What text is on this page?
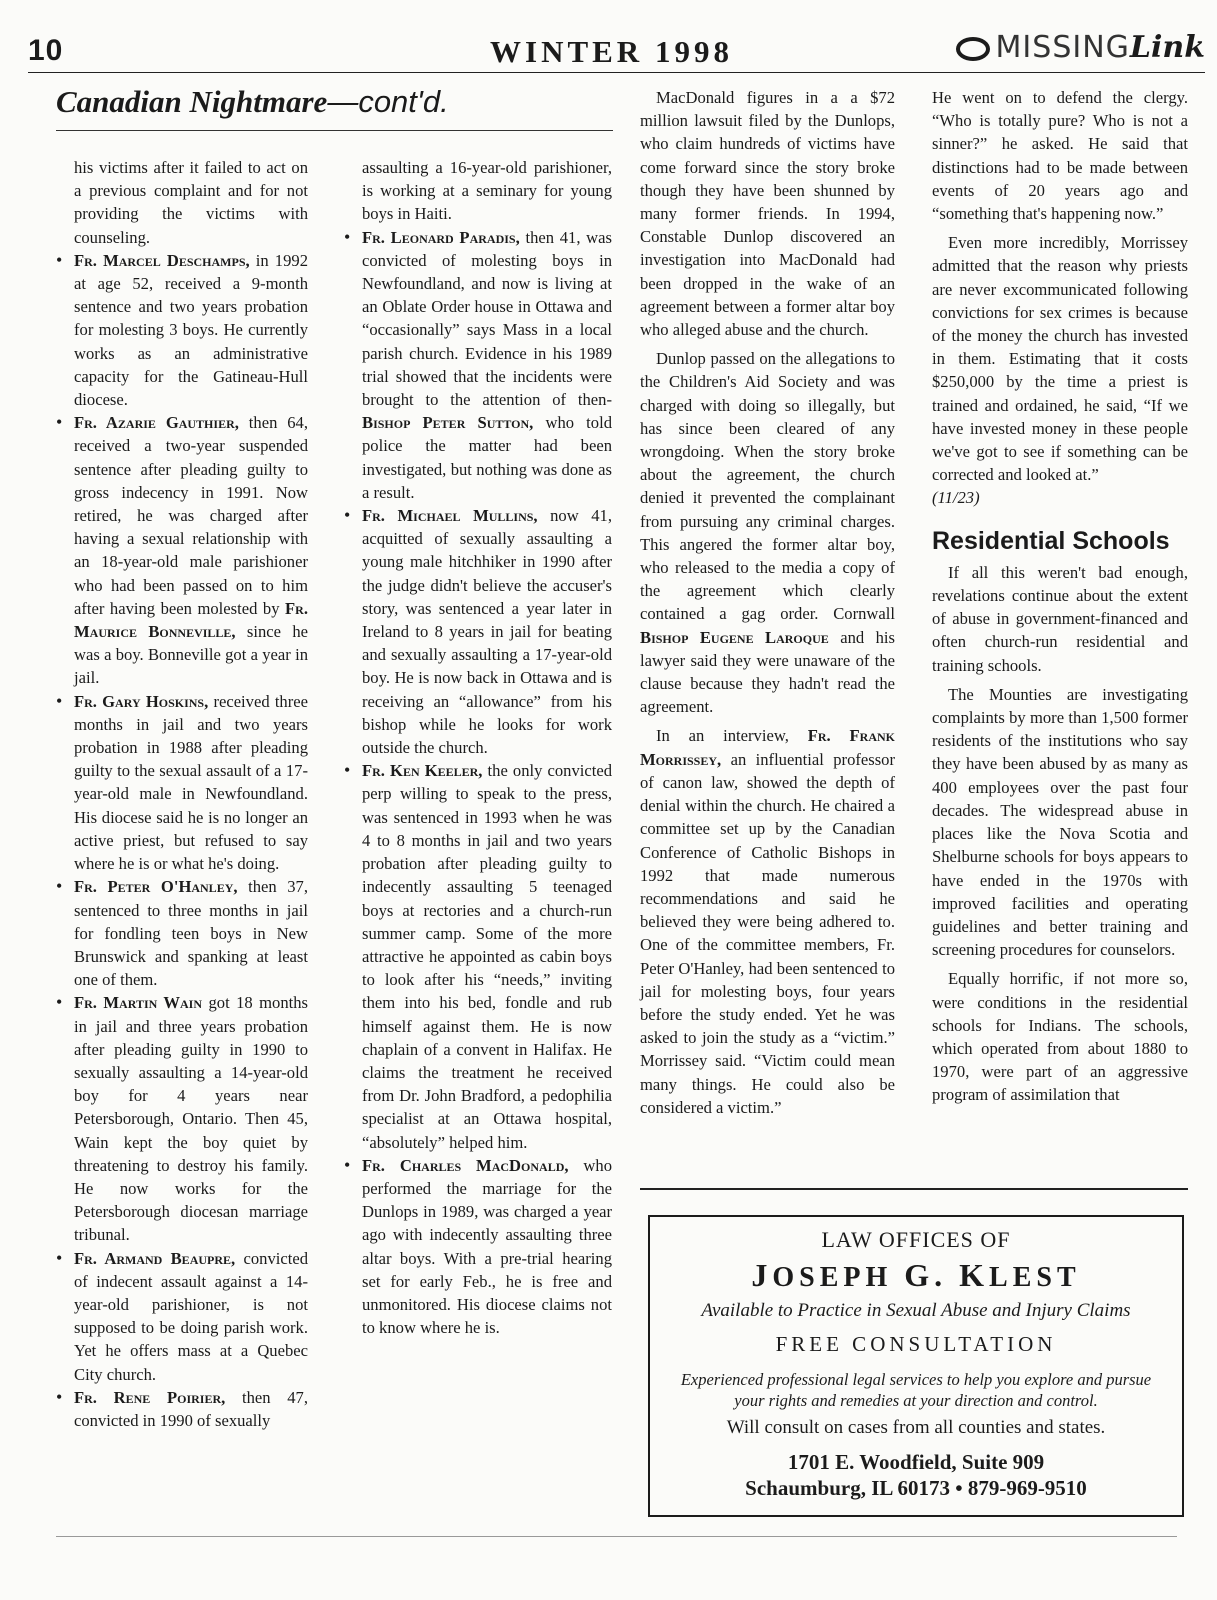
10	WINTER 1998	MISSINGLink
Canadian Nightmare—cont'd.

his victims after it failed to act on a previous complaint and for not providing the victims with counseling.

• Fr. Marcel Deschamps, in 1992 at age 52, received a 9-month sentence and two years probation for molesting 3 boys. He currently works as an administrative capacity for the Gatineau-Hull diocese.

• Fr. Azarie Gauthier, then 64, received a two-year suspended sentence after pleading guilty to gross indecency in 1991. Now retired, he was charged after having a sexual relationship with an 18-year-old male parishioner who had been passed on to him after having been molested by Fr. Maurice Bonneville, since he was a boy. Bonneville got a year in jail.

• Fr. Gary Hoskins, received three months in jail and two years probation in 1988 after pleading guilty to the sexual assault of a 17-year-old male in Newfoundland. His diocese said he is no longer an active priest, but refused to say where he is or what he's doing.

• Fr. Peter O'Hanley, then 37, sentenced to three months in jail for fondling teen boys in New Brunswick and spanking at least one of them.

• Fr. Martin Wain got 18 months in jail and three years probation after pleading guilty in 1990 to sexually assaulting a 14-year-old boy for 4 years near Petersborough, Ontario. Then 45, Wain kept the boy quiet by threatening to destroy his family. He now works for the Petersborough diocesan marriage tribunal.

• Fr. Armand Beaupre, convicted of indecent assault against a 14-year-old parishioner, is not supposed to be doing parish work. Yet he offers mass at a Quebec City church.

• Fr. Rene Poirier, then 47, convicted in 1990 of sexually

assaulting a 16-year-old parishioner, is working at a seminary for young boys in Haiti.

• Fr. Leonard Paradis, then 41, was convicted of molesting boys in Newfoundland, and now is living at an Oblate Order house in Ottawa and “occasionally” says Mass in a local parish church. Evidence in his 1989 trial showed that the incidents were brought to the attention of then-Bishop Peter Sutton, who told police the matter had been investigated, but nothing was done as a result.

• Fr. Michael Mullins, now 41, acquitted of sexually assaulting a young male hitchhiker in 1990 after the judge didn't believe the accuser's story, was sentenced a year later in Ireland to 8 years in jail for beating and sexually assaulting a 17-year-old boy. He is now back in Ottawa and is receiving an “allowance” from his bishop while he looks for work outside the church.

• Fr. Ken Keeler, the only convicted perp willing to speak to the press, was sentenced in 1993 when he was 4 to 8 months in jail and two years probation after pleading guilty to indecently assaulting 5 teenaged boys at rectories and a church-run summer camp. Some of the more attractive he appointed as cabin boys to look after his “needs,” inviting them into his bed, fondle and rub himself against them. He is now chaplain of a convent in Halifax. He claims the treatment he received from Dr. John Bradford, a pedophilia specialist at an Ottawa hospital, “absolutely” helped him.

• Fr. Charles MacDonald, who performed the marriage for the Dunlops in 1989, was charged a year ago with indecently assaulting three altar boys. With a pre-trial hearing set for early Feb., he is free and unmonitored. His diocese claims not to know where he is.

MacDonald figures in a a $72 million lawsuit filed by the Dunlops, who claim hundreds of victims have come forward since the story broke though they have been shunned by many former friends. In 1994, Constable Dunlop discovered an investigation into MacDonald had been dropped in the wake of an agreement between a former altar boy who alleged abuse and the church.

Dunlop passed on the allegations to the Children's Aid Society and was charged with doing so illegally, but has since been cleared of any wrongdoing. When the story broke about the agreement, the church denied it prevented the complainant from pursuing any criminal charges. This angered the former altar boy, who released to the media a copy of the agreement which clearly contained a gag order. Cornwall Bishop Eugene Laroque and his lawyer said they were unaware of the clause because they hadn't read the agreement.

In an interview, Fr. Frank Morrissey, an influential professor of canon law, showed the depth of denial within the church. He chaired a committee set up by the Canadian Conference of Catholic Bishops in 1992 that made numerous recommendations and said he believed they were being adhered to. One of the committee members, Fr. Peter O'Hanley, had been sentenced to jail for molesting boys, four years before the study ended. Yet he was asked to join the study as a “victim.” Morrissey said. “Victim could mean many things. He could also be considered a victim.”

He went on to defend the clergy. “Who is totally pure? Who is not a sinner?” he asked. He said that distinctions had to be made between events of 20 years ago and “something that's happening now.”

Even more incredibly, Morrissey admitted that the reason why priests are never excommunicated following convictions for sex crimes is because of the money the church has invested in them. Estimating that it costs $250,000 by the time a priest is trained and ordained, he said, “If we have invested money in these people we've got to see if something can be corrected and looked at.”

(11/23)

Residential Schools

If all this weren't bad enough, revelations continue about the extent of abuse in government-financed and often church-run residential and training schools.

The Mounties are investigating complaints by more than 1,500 former residents of the institutions who say they have been abused by as many as 400 employees over the past four decades. The widespread abuse in places like the Nova Scotia and Shelburne schools for boys appears to have ended in the 1970s with improved facilities and operating guidelines and better training and screening procedures for counselors.

Equally horrific, if not more so, were conditions in the residential schools for Indians. The schools, which operated from about 1880 to 1970, were part of an aggressive program of assimilation that

LAW OFFICES OF
JOSEPH G. KLEST
Available to Practice in Sexual Abuse and Injury Claims
FREE CONSULTATION
Experienced professional legal services to help you explore and pursue your rights and remedies at your direction and control.
Will consult on cases from all counties and states.
1701 E. Woodfield, Suite 909
Schaumburg, IL 60173 • 879-969-9510
